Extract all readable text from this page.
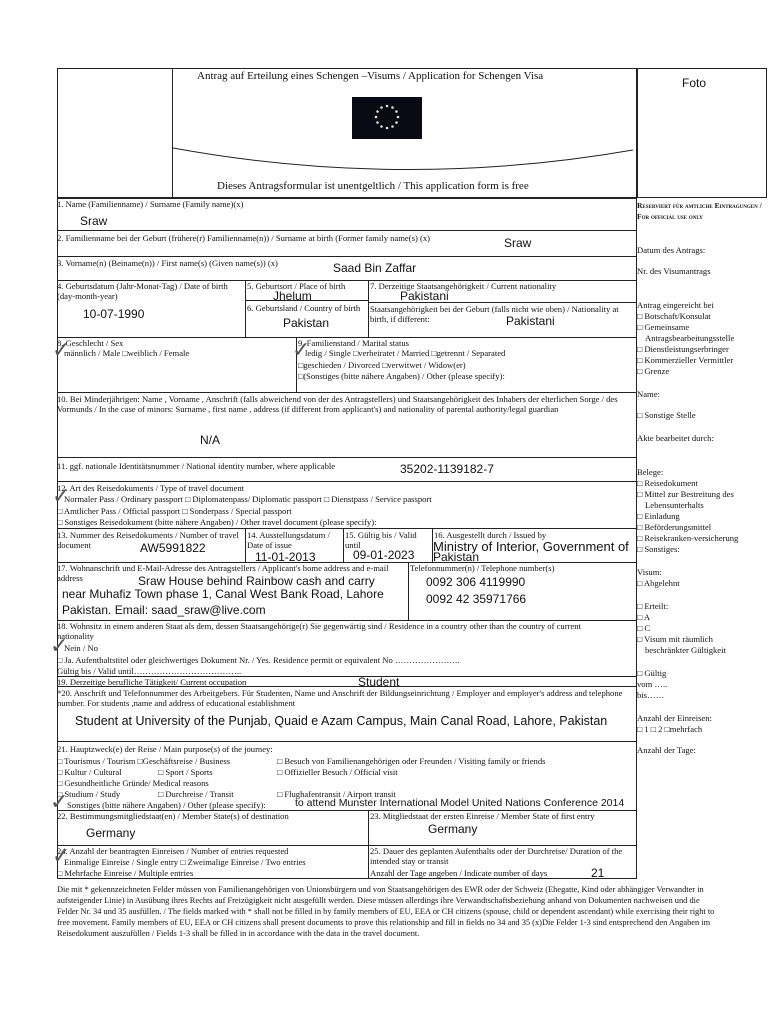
Antrag auf Erteilung eines Schengen –Visums / Application for Schengen Visa
Dieses Antragsformular ist unentgeltlich / This application form is free
Foto
1. Name (Familienname) / Surname (Family name)(x)
Sraw
2. Familienname bei der Geburt (frühere(r) Familienname(n)) / Surname at birth (Former family name(s) (x)	Sraw
3. Vorname(n) (Beiname(n)) / First name(s) (Given name(s)) (x)	Saad Bin Zaffar
4. Geburtsdatum (Jahr-Monat-Tag) / Date of birth (day-month-year)
10-07-1990
5. Geburtsort / Place of birth
Jhelum
6. Geburtsland / Country of birth
Pakistan
7. Derzeitige Staatsangehörigkeit / Current nationality
Pakistani
Staatsangehörigkeit bei der Geburt (falls nicht wie oben) / Nationality at birth, if different:	Pakistani
8. Geschlecht / Sex
männlich / Male □weiblich / Female
✓	9. Familienstand / Marital status
ledig / Single □verheiratet / Married □getrennt / Separated
□geschieden / Divorced □verwitwet / Widow(er)
□(Sonstiges (bitte nähere Angaben) / Other (please specify):
✓
10. Bei Minderjährigen: Name , Vorname , Anschrift (falls abweichend von der des Antragstellers) und Staatsangehörigkeit des Inhabers der elterlichen Sorge / des Vormunds / In the case of minors: Surname , first name , address (if different from applicant's) and nationality of parental authority/legal guardian
N/A
11. ggf. nationale Identitätsnummer / National identity number, where applicable	35202-1139182-7
12. Art des Reisedokuments / Type of travel document
Normaler Pass / Ordinary passport □ Diplomatenpass/ Diplomatic passport □ Dienstpass / Service passport
□ Amtlicher Pass / Official passport □ Sonderpass / Special passport
□ Sonstiges Reisedokument (bitte nähere Angaben) / Other travel document (please specify):
✓
13. Nummer des Reisedokuments / Number of travel document	AW5991822
14. Ausstellungsdatum / Date of issue
11-01-2013
15. Gültig bis / Valid until
09-01-2023
16. Ausgestellt durch / Issued by
Ministry of Interior, Government of
Pakistan
17. Wohnanschrift und E-Mail-Adresse des Antragstellers / Applicant's home address and e-mail address	Sraw House behind Rainbow cash and carry
near Muhafiz Town phase 1, Canal West Bank Road, Lahore
Pakistan. Email: saad_sraw@live.com
Telefonnummer(n) / Telephone number(s)
0092 306 4119990
0092 42 35971766
18. Wohnsitz in einem anderen Staat als dem, dessen Staatsangehörige(r) Sie gegenwärtig sind / Residence in a country other than the country of current nationality
Nein / No
□ Ja. Aufenthaltstitel oder gleichwertiges Dokument Nr. / Yes. Residence permit or equivalent No …………………..
Gültig bis / Valid until………………………………..
✓
19. Derzeitige berufliche Tätigkeit/ Current occupation	Student
*20. Anschrift und Telefonnummer des Arbeitgebers. Für Studenten, Name und Anschrift der Bildungseinrichtung / Employer and employer's address and telephone number. For students ,name and address of educational establishment
Student at University of the Punjab, Quaid e Azam Campus, Main Canal Road, Lahore, Pakistan
21. Hauptzweck(e) der Reise / Main purpose(s) of the journey:
□ Tourismus / Tourism □Geschäftsreise / Business	□ Besuch von Familienangehörigen oder Freunden / Visiting family or friends
□ Kultur / Cultural	□ Sport / Sports	□ Offizieller Besuch / Official visit
□ Gesundheitliche Gründe/ Medical reasons
□ Studium / Study	□ Durchreise / Transit	□ Flughafentransit / Airport transit
Sonstiges (bitte nähere Angaben) / Other (please specify):	to attend Munster International Model United Nations Conference 2014
✓
22. Bestimmungsmitgliedstaat(en) / Member State(s) of destination
Germany
23. Mitgliedstaat der ersten Einreise / Member State of first entry
Germany
24. Anzahl der beantragten Einreisen / Number of entries requested
Einmalige Einreise / Single entry □ Zweimalige Einreise / Two entries
□ Mehrfache Einreise / Multiple entries
✓	25. Dauer des geplanten Aufenthalts oder der Durchreise/ Duration of the intended stay or transit
Anzahl der Tage angeben / Indicate number of days	21
Reserviert für amtliche Eintragungen / For official use only
Datum des Antrags:
Nr. des Visumantrags
Antrag eingereicht bei
□ Botschaft/Konsulat
□ Gemeinsame
Antragsbearbeitungsstelle
□ Dienstleistungserbringer
□ Kommerzieller Vermittler
□ Grenze
Name:
□ Sonstige Stelle
Akte bearbeitet durch:
Belege:
□ Reisedokument
□ Mittel zur Bestreitung des
Lebensunterhalts
□ Einladung
□ Beförderungsmittel
□ Reisekranken-versicherung
□ Sonstiges:
Visum:
□ Abgelehnt
□ Erteilt:
□ A
□ C
□ Visum mit räumlich
beschränkter Gültigkeit
□ Gültig
vom …..
bis……
Anzahl der Einreisen:
□ 1 □ 2 □mehrfach
Anzahl der Tage:
Die mit * gekennzeichneten Felder müssen von Familienangehörigen von Unionsbürgern und von Staatsangehörigen des EWR oder der Schweiz (Ehegatte, Kind oder abhängiger Verwandter in aufsteigender Linie) in Ausübung ihres Rechts auf Freizügigkeit nicht ausgefüllt werden. Diese müssen allerdings ihre Verwandtschaftsbeziehung anhand von Dokumenten nachweisen und die Felder Nr. 34 und 35 ausfüllen. / The fields marked with * shall not be filled in by family members of EU, EEA or CH citizens (spouse, child or dependent ascendant) while exercising their right to free movement. Family members of EU, EEA or CH citizens shall present documents to prove this relationship and fill in fields no 34 and 35 (x)Die Felder 1-3 sind entsprechend den Angaben im Reisedokument auszufüllen / Fields 1-3 shall be filled in in accordance with the data in the travel document.
